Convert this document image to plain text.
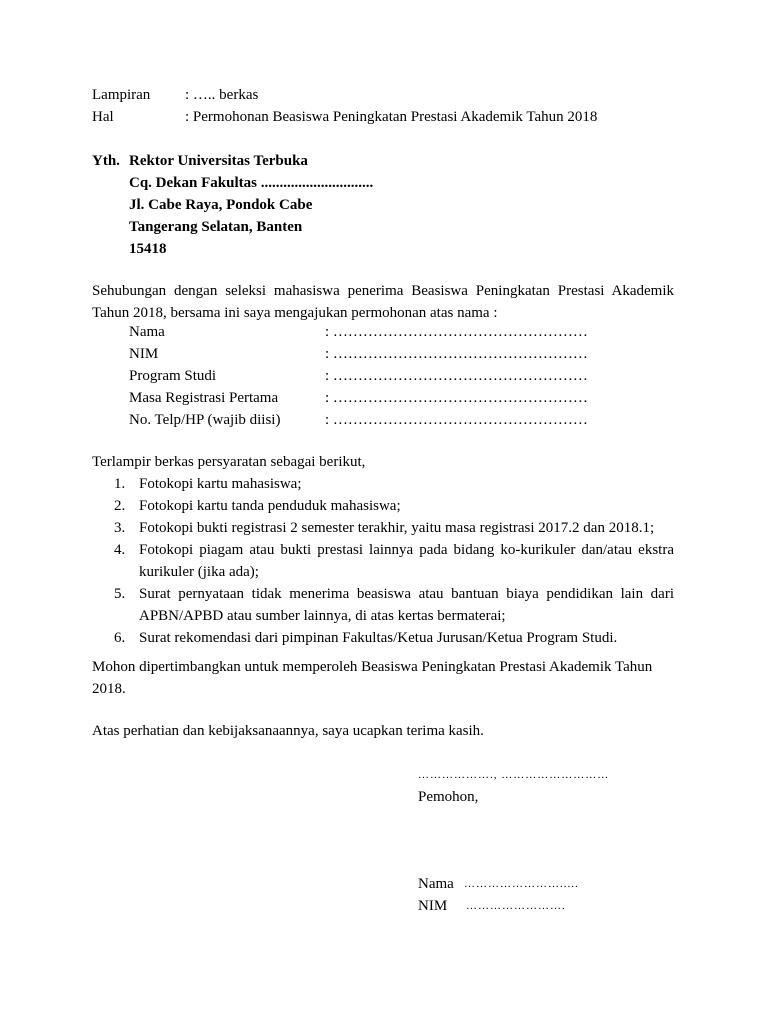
Lampiran : ….. berkas
Hal	: Permohonan Beasiswa Peningkatan Prestasi Akademik Tahun 2018
Yth. Rektor Universitas Terbuka
Cq. Dekan Fakultas ..............................
Jl. Cabe Raya, Pondok Cabe
Tangerang Selatan, Banten
15418
Sehubungan dengan seleksi mahasiswa penerima Beasiswa Peningkatan Prestasi Akademik Tahun 2018, bersama ini saya mengajukan permohonan atas nama :
Nama	: ……………………………………………
NIM	: ……………………………………………
Program Studi	: ……………………………………………
Masa Registrasi Pertama	: ……………………………………………
No. Telp/HP (wajib diisi)	: ……………………………………………
Terlampir berkas persyaratan sebagai berikut,
1. Fotokopi kartu mahasiswa;
2. Fotokopi kartu tanda penduduk mahasiswa;
3. Fotokopi bukti registrasi 2 semester terakhir, yaitu masa registrasi 2017.2 dan 2018.1;
4. Fotokopi piagam atau bukti prestasi lainnya pada bidang ko-kurikuler dan/atau ekstra kurikuler (jika ada);
5. Surat pernyataan tidak menerima beasiswa atau bantuan biaya pendidikan lain dari APBN/APBD atau sumber lainnya, di atas kertas bermaterai;
6. Surat rekomendasi dari pimpinan Fakultas/Ketua Jurusan/Ketua Program Studi.
Mohon dipertimbangkan untuk memperoleh Beasiswa Peningkatan Prestasi Akademik Tahun 2018.
Atas perhatian dan kebijaksanaannya, saya ucapkan terima kasih.
………………., ………………………
Pemohon,
Nama …………………….....
NIM …………………….
